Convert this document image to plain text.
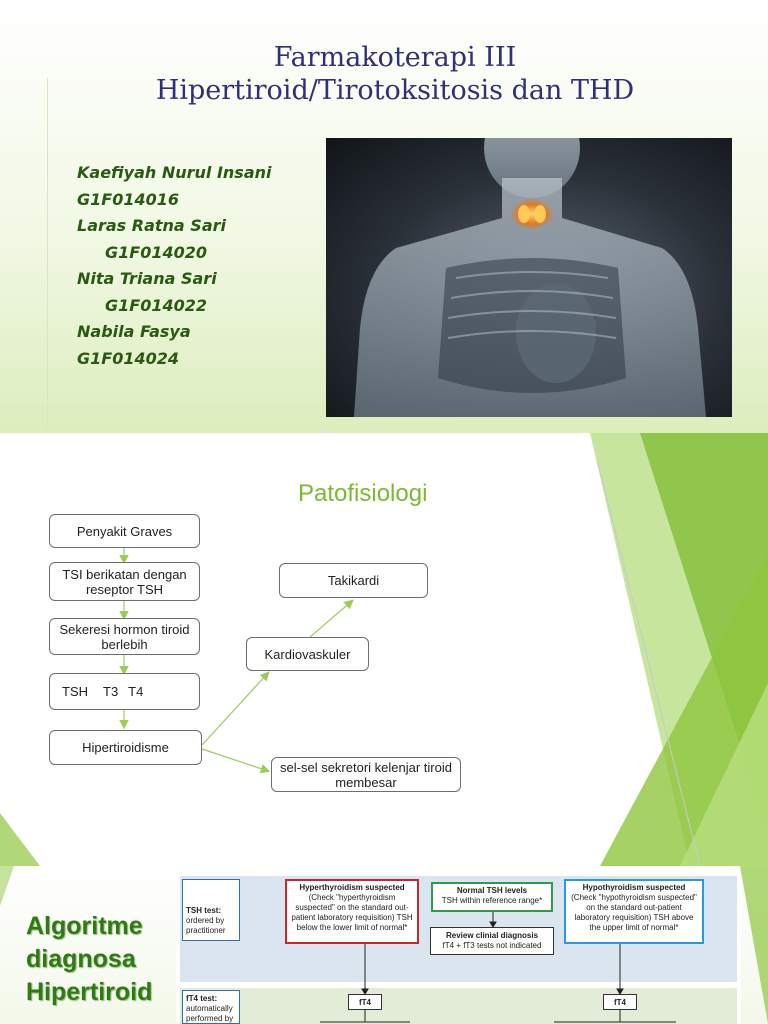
Farmakoterapi III
Hipertiroid/Tirotoksitosis dan THD
Kaefiyah Nurul Insani
G1F014016
Laras Ratna Sari
G1F014020
Nita Triana Sari
G1F014022
Nabila Fasya
G1F014024
Patofisiologi
Penyakit Graves
TSI berikatan dengan reseptor TSH
Sekeresi hormon tiroid berlebih
TSH T3 T4
Hipertiroidisme
Kardiovaskuler
Takikardi
sel-sel sekretori kelenjar tiroid membesar
Algoritme
diagnosa
Hipertiroid
TSH test:
ordered by practitioner
fT4 test:
automatically performed by
Hyperthyroidism suspected
(Check "hyperthyroidism suspected" on the standard out-patient laboratory requisition) TSH below the lower limit of normal*
Normal TSH levels
TSH within reference range*
Review clinial diagnosis
fT4 + fT3 tests not indicated
Hypothyroidism suspected
(Check "hypothyroidism suspected" on the standard out-patient laboratory requisition) TSH above the upper limit of normal*
fT4	fT4
